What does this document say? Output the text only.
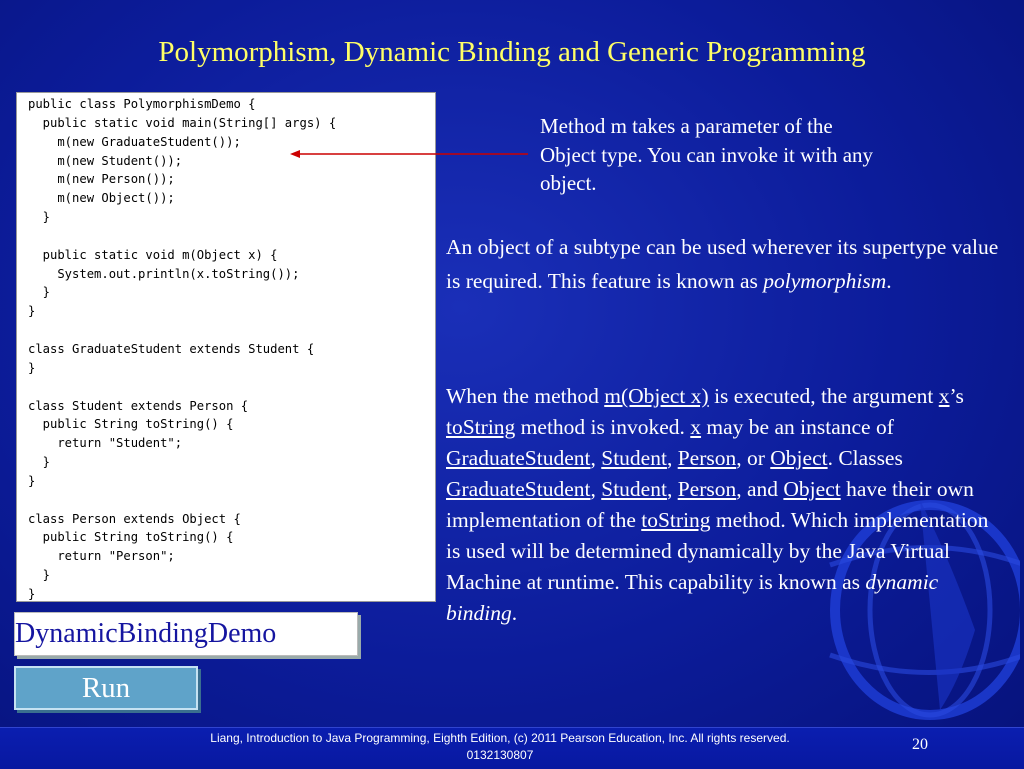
Polymorphism, Dynamic Binding and Generic Programming
public class PolymorphismDemo {
public static void main(String[] args) {
m(new GraduateStudent());
m(new Student());
m(new Person());
m(new Object());
}

public static void m(Object x) {
System.out.println(x.toString());
}
}

class GraduateStudent extends Student {
}

class Student extends Person {
public String toString() {
return "Student";
}
}

class Person extends Object {
public String toString() {
return "Person";
}
}
Method m takes a parameter of the Object type. You can invoke it with any object.
An object of a subtype can be used wherever its supertype value is required. This feature is known as polymorphism.
When the method m(Object x) is executed, the argument x’s toString method is invoked. x may be an instance of GraduateStudent, Student, Person, or Object. Classes GraduateStudent, Student, Person, and Object have their own implementation of the toString method. Which implementation is used will be determined dynamically by the Java Virtual Machine at runtime. This capability is known as dynamic binding.
DynamicBindingDemo
Run
Liang, Introduction to Java Programming, Eighth Edition, (c) 2011 Pearson Education, Inc. All rights reserved. 0132130807
20
